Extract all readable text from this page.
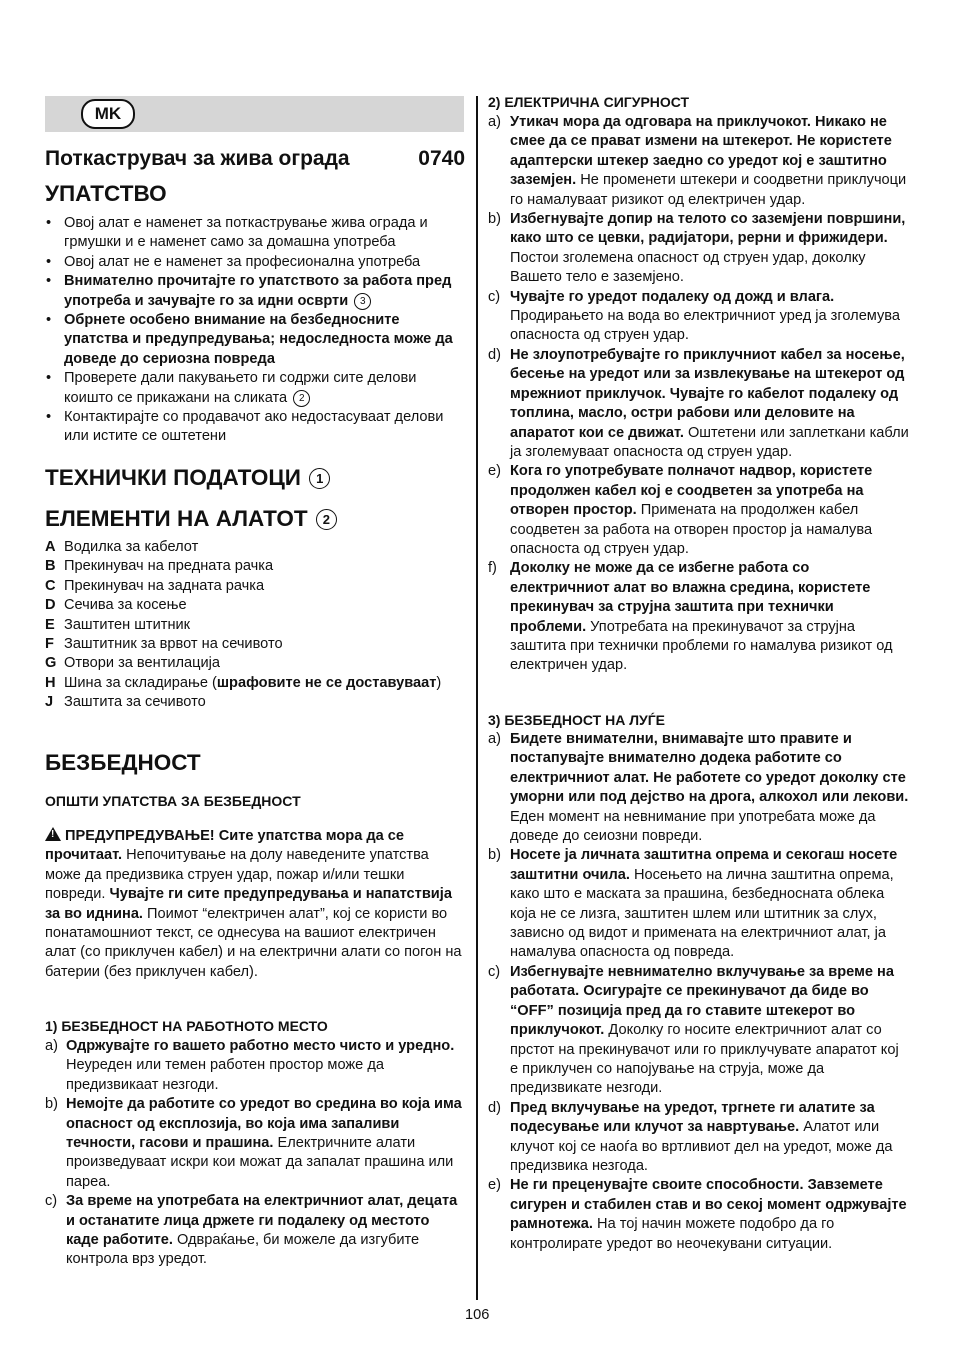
MK
Поткаструвач за жива ограда	0740
УПАТСТВО
• Овој алат е наменет за поткастрување жива ограда и грмушки и е наменет само за домашна употреба
• Овој алат не е наменет за професионална употреба
• Внимателно прочитајте го упатството за работа пред употреба и зачувајте го за идни осврти 3
• Обрнете особено внимание на безбедносните упатства и предупредувања; недоследноста може да доведе до сериозна повреда
• Проверете дали пакувањето ги содржи сите делови коишто се прикажани на сликата 2
• Контактирајте со продавачот ако недостасуваат делови или истите се оштетени
ТЕХНИЧКИ ПОДАТОЦИ 1
ЕЛЕМЕНТИ НА АЛАТОТ 2
A Водилка за кабелот
B Прекинувач на предната рачка
C Прекинувач на задната рачка
D Сечива за косење
E Заштитен штитник
F Заштитник за врвот на сечивото
G Отвори за вентилација
H Шина за складирање (шрафовите не се доставуваат)
J Заштита за сечивото
БЕЗБЕДНОСТ
ОПШТИ УПАТСТВА ЗА БЕЗБЕДНОСТ
!ПРЕДУПРЕДУВАЊЕ! Сите упатства мора да се прочитаат. Непочитување на долу наведените упатства може да предизвика струен удар, пожар и/или тешки повреди. Чувајте ги сите предупредувања и напатствија за во иднина. Поимот “електричен алат”, кој се користи во понатамошниот текст, се однесува на вашиот електричен алат (со приклучен кабел) и на електрични алати со погон на батерии (без приклучен кабел).
1) БЕЗБЕДНОСТ НА РАБОТНОТО МЕСТО
a) Одржувајте го вашето работно место чисто и уредно. Неуреден или темен работен простор може да предизвикаат незгоди.
b) Немојте да работите со уредот во средина во која има опасност од експлозија, во која има запаливи течности, гасови и прашина. Електричните алати произведуваат искри кои можат да запалат прашина или пареа.
c) За време на употребата на електричниот алат, децата и останатите лица држете ги подалеку од местото каде работите. Одвраќање, би можеле да изгубите контрола врз уредот.
2) ЕЛЕКТРИЧНА СИГУРНОСТ
a) Утикач мора да одговара на приклучокот. Никако не смее да се прават измени на штекерот. Не користете адаптерски штекер заедно со уредот кој е заштитно заземјен. Не променети штекери и соодветни приклучоци го намалуваат ризикот од електричен удар.
b) Избегнувајте допир на телото со заземјени површини, како што се цевки, радијатори, рерни и фрижидери. Постои зголемена опасност од струен удар, доколку Вашето тело е заземјено.
c) Чувајте го уредот подалеку од дожд и влага. Продирањето на вода во електричниот уред ја зголемува опасноста од струен удар.
d) Не злоупотребувајте го приклучниот кабел за носење, бесење на уредот или за извлекување на штекерот од мрежниот приклучок. Чувајте го кабелот подалеку од топлина, масло, остри рабови или деловите на апаратот кои се движат. Оштетени или заплеткани кабли ја зголемуваат опасноста од струен удар.
e) Кога го употребувате полначот надвор, користете продолжен кабел кој е соодветен за употреба на отворен простор. Примената на продолжен кабел соодветен за работа на отворен простор ја намалува опасноста од струен удар.
f) Доколку не може да се избегне работа со електричниот алат во влажна средина, користете прекинувач за струјна заштита при технички проблеми. Употребата на прекинувачот за струјна заштита при технички проблеми го намалува ризикот од електричен удар.
3) БЕЗБЕДНОСТ НА ЛУЃЕ
a) Бидете внимателни, внимавајте што правите и постапувајте внимателно додека работите со електричниот алат. Не работете со уредот доколку сте уморни или под дејство на дрога, алкохол или лекови. Еден момент на невнимание при употребата може да доведе до сеиозни повреди.
b) Носете ја личната заштитна опрема и секогаш носете заштитни очила. Носењето на лична заштитна опрема, како што е маската за прашина, безбедносната облека која не се лизга, заштитен шлем или штитник за слух, зависно од видот и примената на електричниот алат, ја намалува опасноста од повреда.
c) Избегнувајте невнимателно вклучување за време на работата. Осигурајте се прекинувачот да биде во “OFF” позиција пред да го ставите штекерот во приклучокот. Доколку го носите електричниот алат со прстот на прекинувачот или го приклучувате апаратот кој е приклучен со напојување на струја, може да предизвикате незгоди.
d) Пред вклучување на уредот, тргнете ги алатите за подесување или клучот за навртување. Алатот или клучот кој се наоѓа во вртливиот дел на уредот, може да предизвика незгода.
e) Не ги преценувајте своите способности. Завземете сигурен и стабилен став и во секој момент одржувајте рамнотежа. На тој начин можете подобро да го контролирате уредот во неочекувани ситуации.
106
